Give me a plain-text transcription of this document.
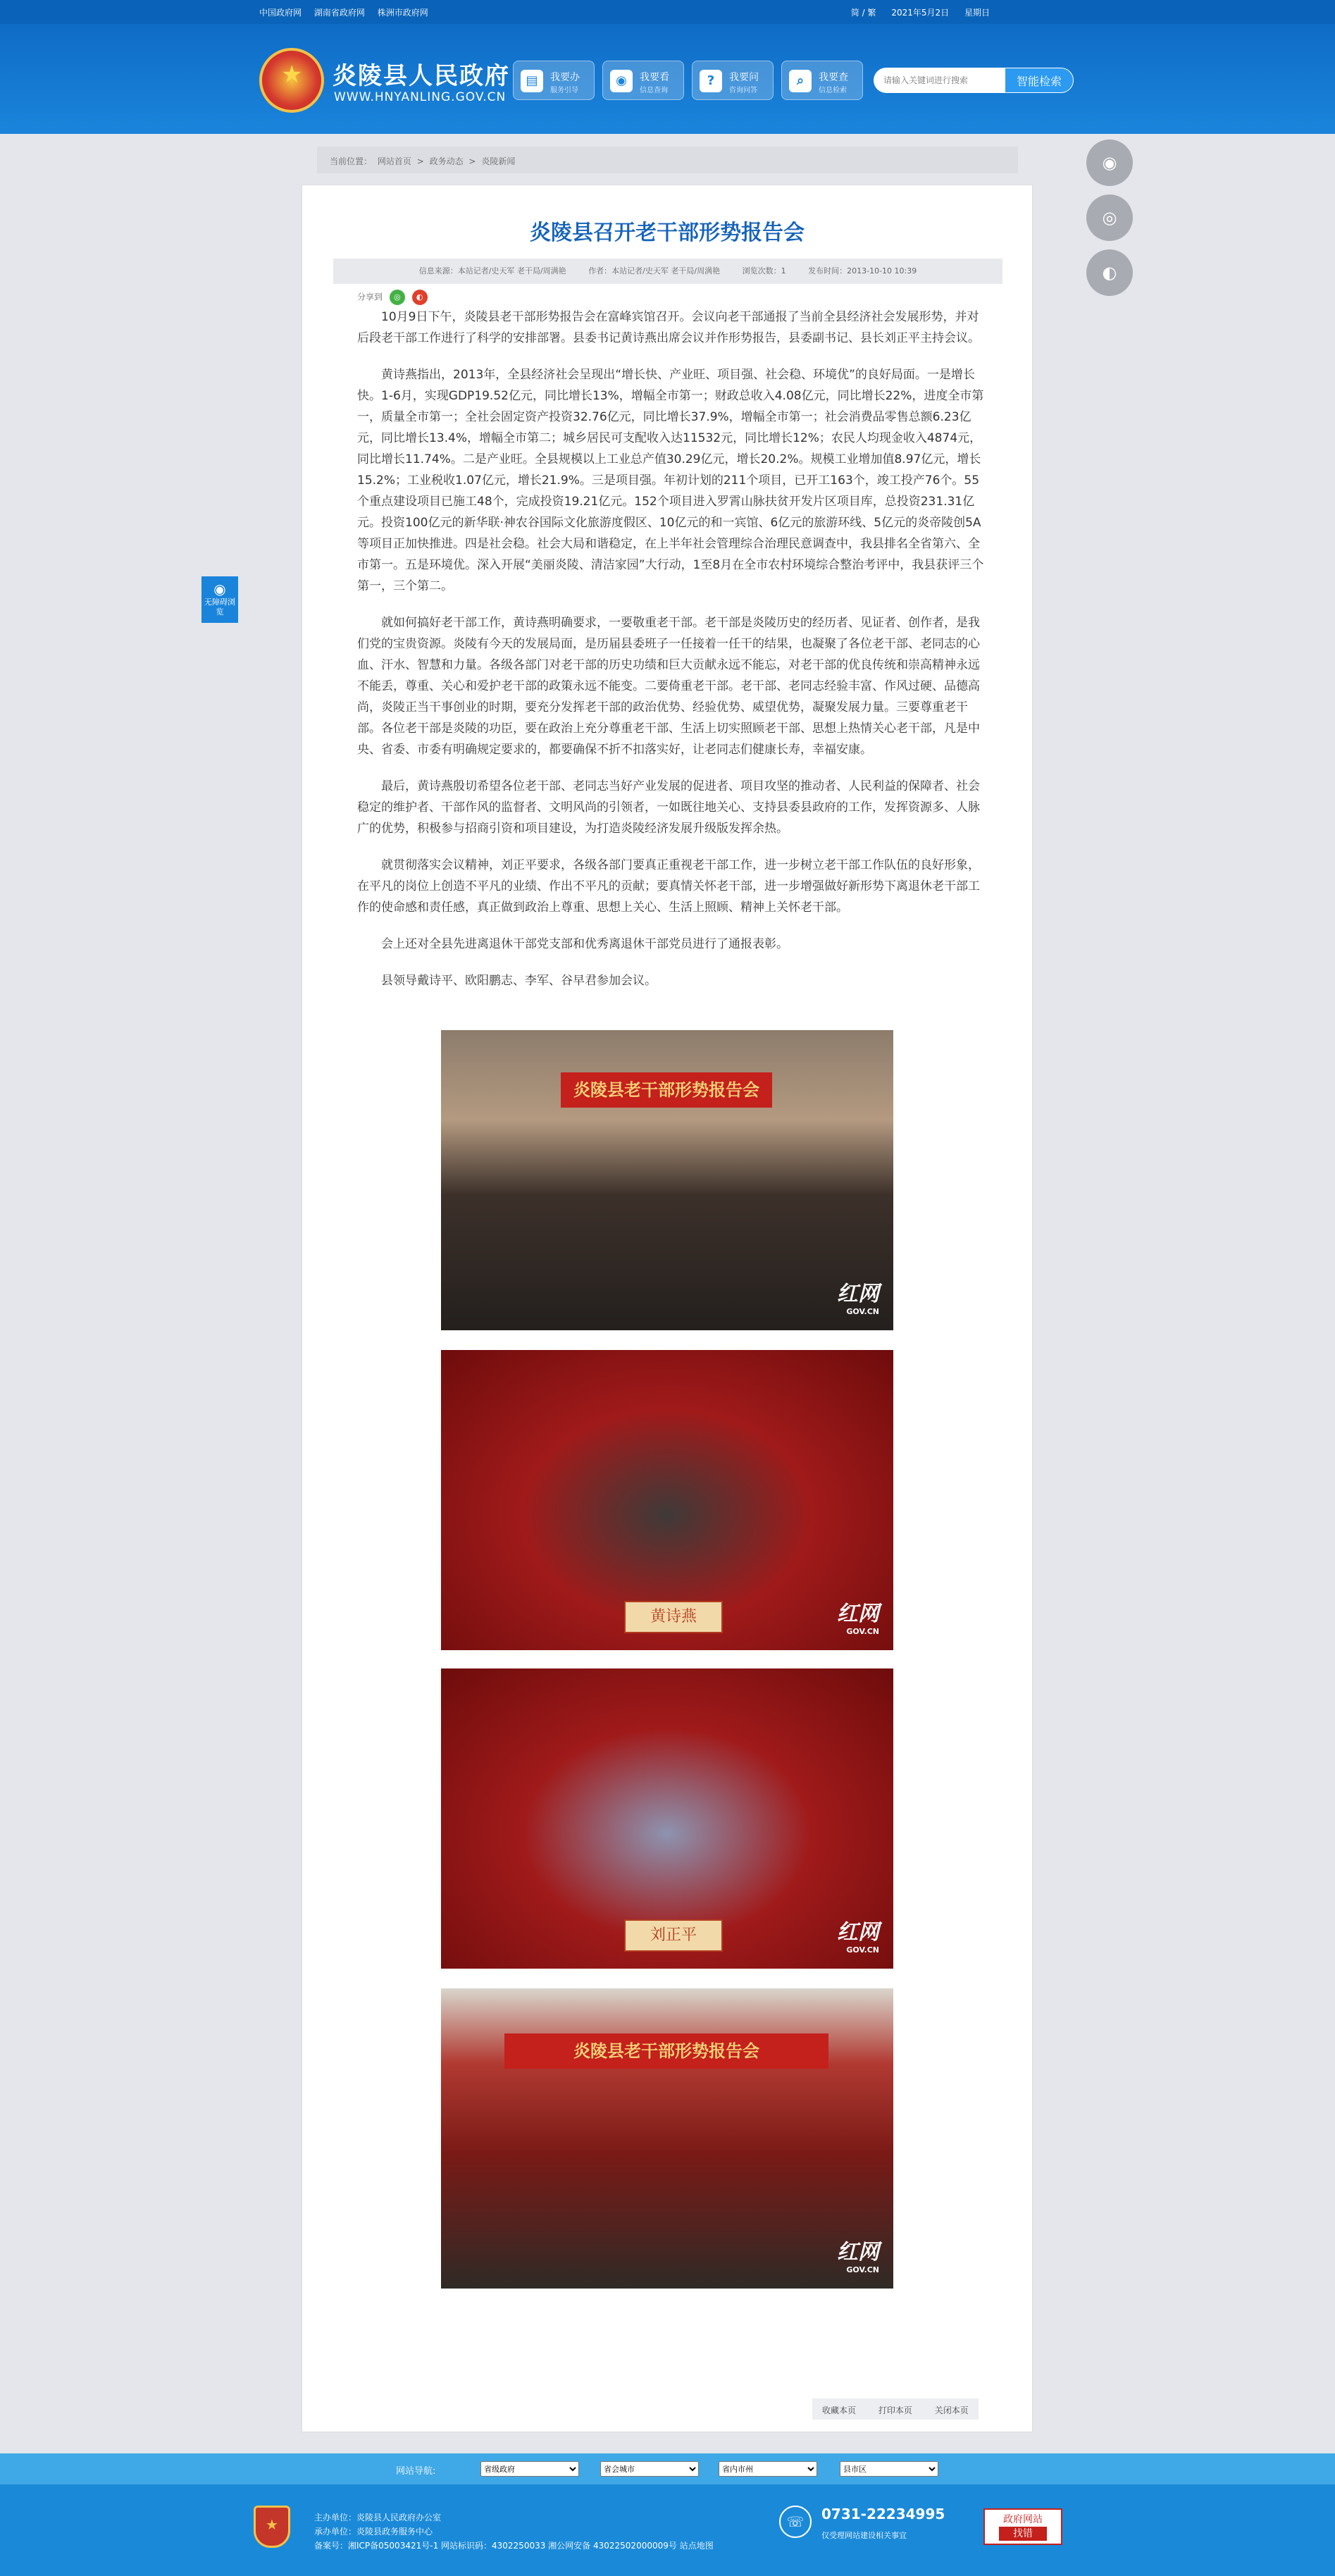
中国政府网 湖南省政府网 株洲市政府网	简 / 繁 2021年5月2日 星期日
★
炎陵县人民政府
WWW.HNYANLING.GOV.CN
▤	我要办
服务引导
◉	我要看
信息查询
?	我要问
咨询问答
⌕	我要查
信息检索
请输入关键词进行搜索
智能检索
◉
◎
◐
◉
无障碍浏览
当前位置： 网站首页 > 政务动态 > 炎陵新闻
炎陵县召开老干部形势报告会
信息来源：本站记者/史天军 老干局/周满艳	作者：本站记者/史天军 老干局/周满艳	浏览次数：1	发布时间：2013-10-10 10:39
分享到 ◎ ◐

10月9日下午，炎陵县老干部形势报告会在富峰宾馆召开。会议向老干部通报了当前全县经济社会发展形势，并对后段老干部工作进行了科学的安排部署。县委书记黄诗燕出席会议并作形势报告，县委副书记、县长刘正平主持会议。

黄诗燕指出，2013年，全县经济社会呈现出“增长快、产业旺、项目强、社会稳、环境优”的良好局面。一是增长快。1-6月，实现GDP19.52亿元，同比增长13%，增幅全市第一；财政总收入4.08亿元，同比增长22%，进度全市第一，质量全市第一；全社会固定资产投资32.76亿元，同比增长37.9%，增幅全市第一；社会消费品零售总额6.23亿元，同比增长13.4%，增幅全市第二；城乡居民可支配收入达11532元，同比增长12%；农民人均现金收入4874元，同比增长11.74%。二是产业旺。全县规模以上工业总产值30.29亿元，增长20.2%。规模工业增加值8.97亿元，增长15.2%；工业税收1.07亿元，增长21.9%。三是项目强。年初计划的211个项目，已开工163个，竣工投产76个。55个重点建设项目已施工48个，完成投资19.21亿元。152个项目进入罗霄山脉扶贫开发片区项目库，总投资231.31亿元。投资100亿元的新华联·神农谷国际文化旅游度假区、10亿元的和一宾馆、6亿元的旅游环线、5亿元的炎帝陵创5A等项目正加快推进。四是社会稳。社会大局和谐稳定，在上半年社会管理综合治理民意调查中，我县排名全省第六、全市第一。五是环境优。深入开展“美丽炎陵、清洁家园”大行动，1至8月在全市农村环境综合整治考评中，我县获评三个第一，三个第二。

就如何搞好老干部工作，黄诗燕明确要求，一要敬重老干部。老干部是炎陵历史的经历者、见证者、创作者，是我们党的宝贵资源。炎陵有今天的发展局面，是历届县委班子一任接着一任干的结果，也凝聚了各位老干部、老同志的心血、汗水、智慧和力量。各级各部门对老干部的历史功绩和巨大贡献永远不能忘，对老干部的优良传统和崇高精神永远不能丢，尊重、关心和爱护老干部的政策永远不能变。二要倚重老干部。老干部、老同志经验丰富、作风过硬、品德高尚，炎陵正当干事创业的时期，要充分发挥老干部的政治优势、经验优势、威望优势，凝聚发展力量。三要尊重老干部。各位老干部是炎陵的功臣，要在政治上充分尊重老干部、生活上切实照顾老干部、思想上热情关心老干部，凡是中央、省委、市委有明确规定要求的，都要确保不折不扣落实好，让老同志们健康长寿，幸福安康。

最后，黄诗燕殷切希望各位老干部、老同志当好产业发展的促进者、项目攻坚的推动者、人民利益的保障者、社会稳定的维护者、干部作风的监督者、文明风尚的引领者，一如既往地关心、支持县委县政府的工作，发挥资源多、人脉广的优势，积极参与招商引资和项目建设，为打造炎陵经济发展升级版发挥余热。

就贯彻落实会议精神，刘正平要求，各级各部门要真正重视老干部工作，进一步树立老干部工作队伍的良好形象，在平凡的岗位上创造不平凡的业绩、作出不平凡的贡献；要真情关怀老干部，进一步增强做好新形势下离退休老干部工作的使命感和责任感，真正做到政治上尊重、思想上关心、生活上照顾、精神上关怀老干部。

会上还对全县先进离退休干部党支部和优秀离退休干部党员进行了通报表彰。

县领导戴诗平、欧阳鹏志、李军、谷早君参加会议。

炎陵县老干部形势报告会
红网
GOV.CN
黄诗燕	红网
GOV.CN
刘正平	红网
GOV.CN
炎陵县老干部形势报告会
红网
GOV.CN
收藏本页	打印本页	关闭本页
网站导航:
省级政府
省会城市
省内市州
县市区
★
主办单位：炎陵县人民政府办公室
承办单位：炎陵县政务服务中心
备案号：湘ICP备05003421号-1 网站标识码：4302250033 湘公网安备 43022502000009号 站点地图
☏	0731-22234995
仅受理网站建设相关事宜
政府网站
找错
